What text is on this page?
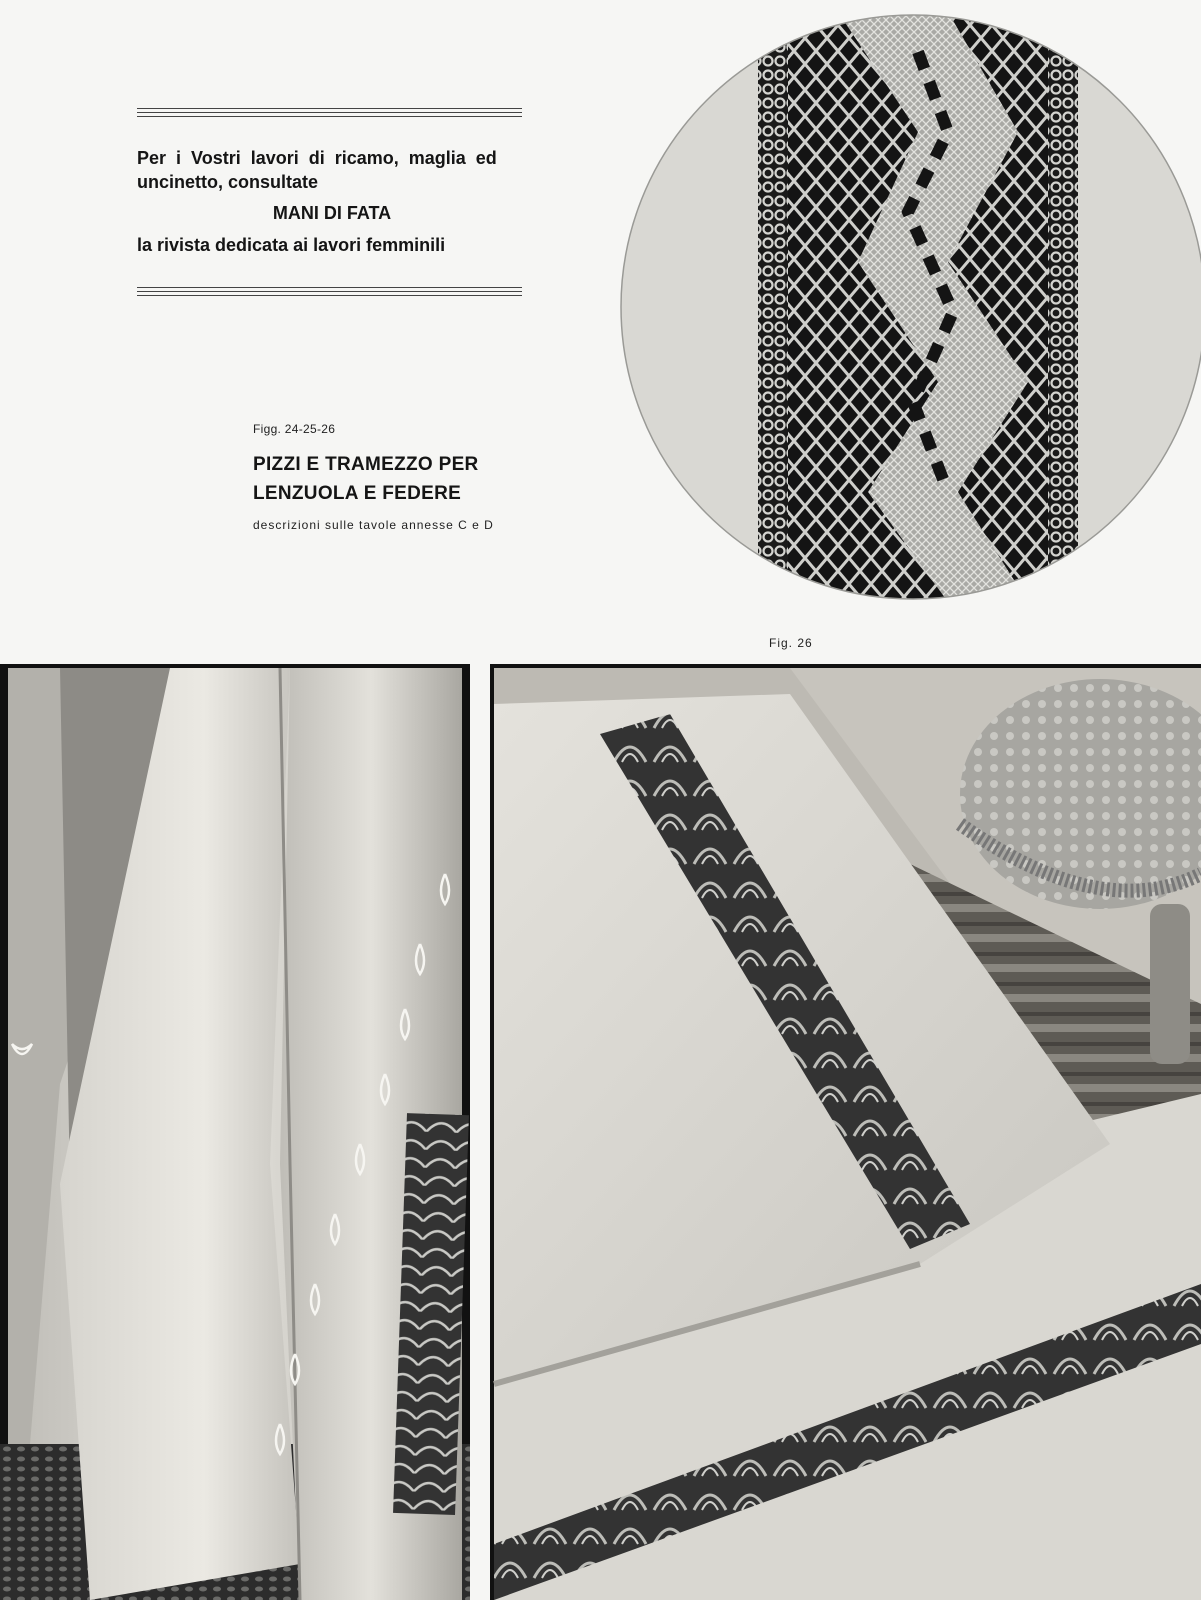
Per i Vostri lavori di ricamo, maglia ed
uncinetto, consultate
MANI DI FATA
la rivista dedicata ai lavori femminili
Figg. 24-25-26
PIZZI E TRAMEZZO PER
LENZUOLA E FEDERE
descrizioni sulle tavole annesse C e D
Fig. 26
